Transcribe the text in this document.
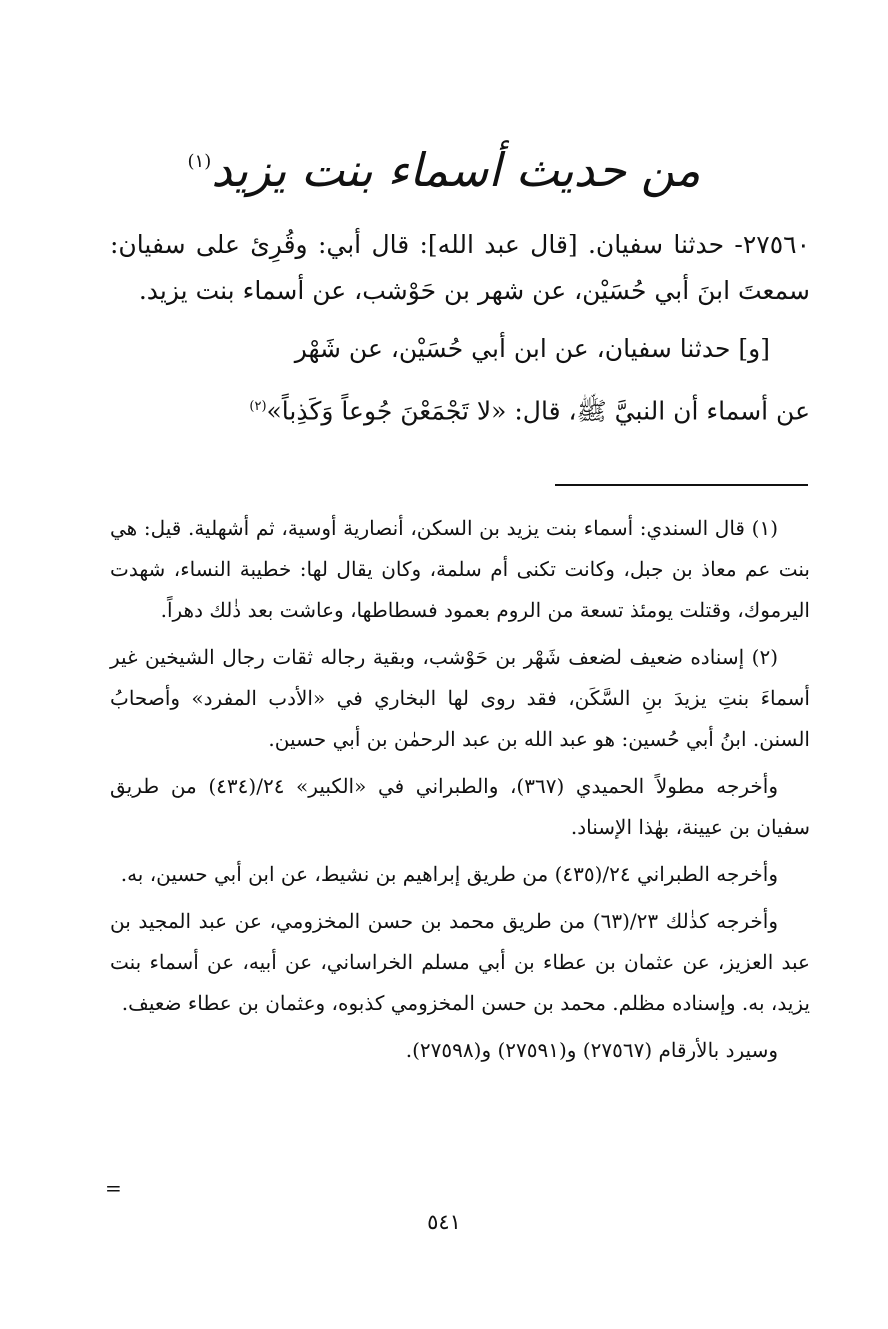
من حديث أسماء بنت يزيد$^{(١)}$

٢٧٥٦٠- حدثنا سفيان. [قال عبد الله]: قال أبي: وقُرِئ على سفيان: سمعتَ ابنَ أبي حُسَيْن، عن شهر بن حَوْشب، عن أسماء بنت يزيد.

[و] حدثنا سفيان، عن ابن أبي حُسَيْن، عن شَهْر

عن أسماء أن النبيَّ ﷺ، قال: «لا تَجْمَعْنَ جُوعاً وَكَذِباً»$^{(٢)}$

(١) قال السندي: أسماء بنت يزيد بن السكن، أنصارية أوسية، ثم أشهلية. قيل: هي بنت عم معاذ بن جبل، وكانت تكنى أم سلمة، وكان يقال لها: خطيبة النساء، شهدت اليرموك، وقتلت يومئذ تسعة من الروم بعمود فسطاطها، وعاشت بعد ذٰلك دهراً.

(٢) إسناده ضعيف لضعف شَهْر بن حَوْشب، وبقية رجاله ثقات رجال الشيخين غير أسماءَ بنتِ يزيدَ بنِ السَّكَن، فقد روى لها البخاري في «الأدب المفرد» وأصحابُ السنن. ابنُ أبي حُسين: هو عبد الله بن عبد الرحمٰن بن أبي حسين.

وأخرجه مطولاً الحميدي (٣٦٧)، والطبراني في «الكبير» ٢٤/(٤٣٤) من طريق سفيان بن عيينة، بهٰذا الإسناد.

وأخرجه الطبراني ٢٤/(٤٣٥) من طريق إبراهيم بن نشيط، عن ابن أبي حسين، به.

وأخرجه كذٰلك ٢٣/(٦٣) من طريق محمد بن حسن المخزومي، عن عبد المجيد بن عبد العزيز، عن عثمان بن عطاء بن أبي مسلم الخراساني، عن أبيه، عن أسماء بنت يزيد، به. وإسناده مظلم. محمد بن حسن المخزومي كذبوه، وعثمان بن عطاء ضعيف.

وسيرد بالأرقام (٢٧٥٦٧) و(٢٧٥٩١) و(٢٧٥٩٨).

=
٥٤١
